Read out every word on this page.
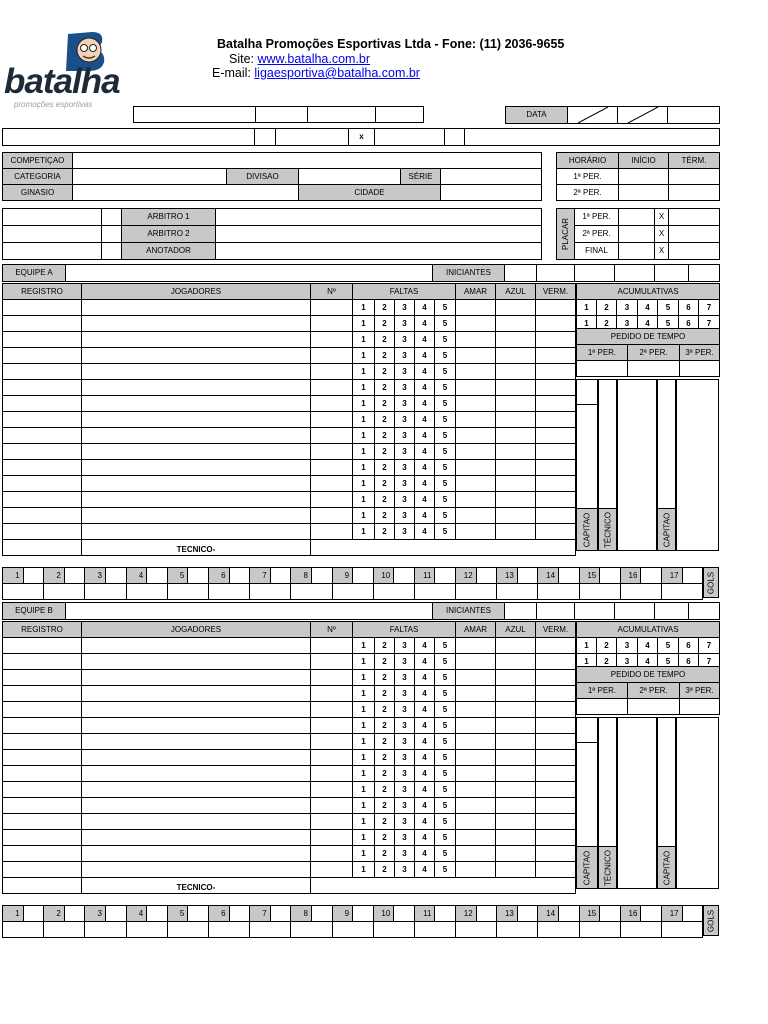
batalha
promoções esportivas
Batalha Promoções Esportivas Ltda - Fone: (11) 2036-9655
Site: www.batalha.com.br
E-mail: ligaesportiva@batalha.com.br

DATA	

			x			
COMPETIÇAO					
CATEGORIA		DIVISAO		SÉRIE	
GINASIO			CIDADE		
HORÁRIO	INÍCIO	TÉRM.
1ª PER.		
2ª PER.		
		ARBITRO 1	
		ARBITRO 2	
		ANOTADOR	
PLACAR	1ª PER.		X	
	2ª PER.		X	
	FINAL		X	
EQUIPE A		INICIANTES						
REGISTRO	JOGADORES	Nº	FALTAS					AMAR	AZUL	VERM.
			1	2	3	4	5			
			1	2	3	4	5			
			1	2	3	4	5			
			1	2	3	4	5			
			1	2	3	4	5			
			1	2	3	4	5			
			1	2	3	4	5			
			1	2	3	4	5			
			1	2	3	4	5			
			1	2	3	4	5			
			1	2	3	4	5			
			1	2	3	4	5			
			1	2	3	4	5			
			1	2	3	4	5			
			1	2	3	4	5			
	TECNICO-									
ACUMULATIVAS						
1	2	3	4	5	6	7
1	2	3	4	5	6	7
PEDIDO DE TEMPO		
1ª PER.	2ª PER.	3ª PER.

CAPITAO TÉCNICO	CAPITAO
1		2		3		4		5		6		7		8		9		10		11		12		13		14		15		16		17	
																	GOLS
EQUIPE B		INICIANTES						
REGISTRO	JOGADORES	Nº	FALTAS					AMAR	AZUL	VERM.
			1	2	3	4	5			
			1	2	3	4	5			
			1	2	3	4	5			
			1	2	3	4	5			
			1	2	3	4	5			
			1	2	3	4	5			
			1	2	3	4	5			
			1	2	3	4	5			
			1	2	3	4	5			
			1	2	3	4	5			
			1	2	3	4	5			
			1	2	3	4	5			
			1	2	3	4	5			
			1	2	3	4	5			
			1	2	3	4	5			
	TECNICO-									
ACUMULATIVAS						
1	2	3	4	5	6	7
1	2	3	4	5	6	7
PEDIDO DE TEMPO		
1ª PER.	2ª PER.	3ª PER.

CAPITAO TÉCNICO	CAPITAO
1		2		3		4		5		6		7		8		9		10		11		12		13		14		15		16		17	
																	GOLS
